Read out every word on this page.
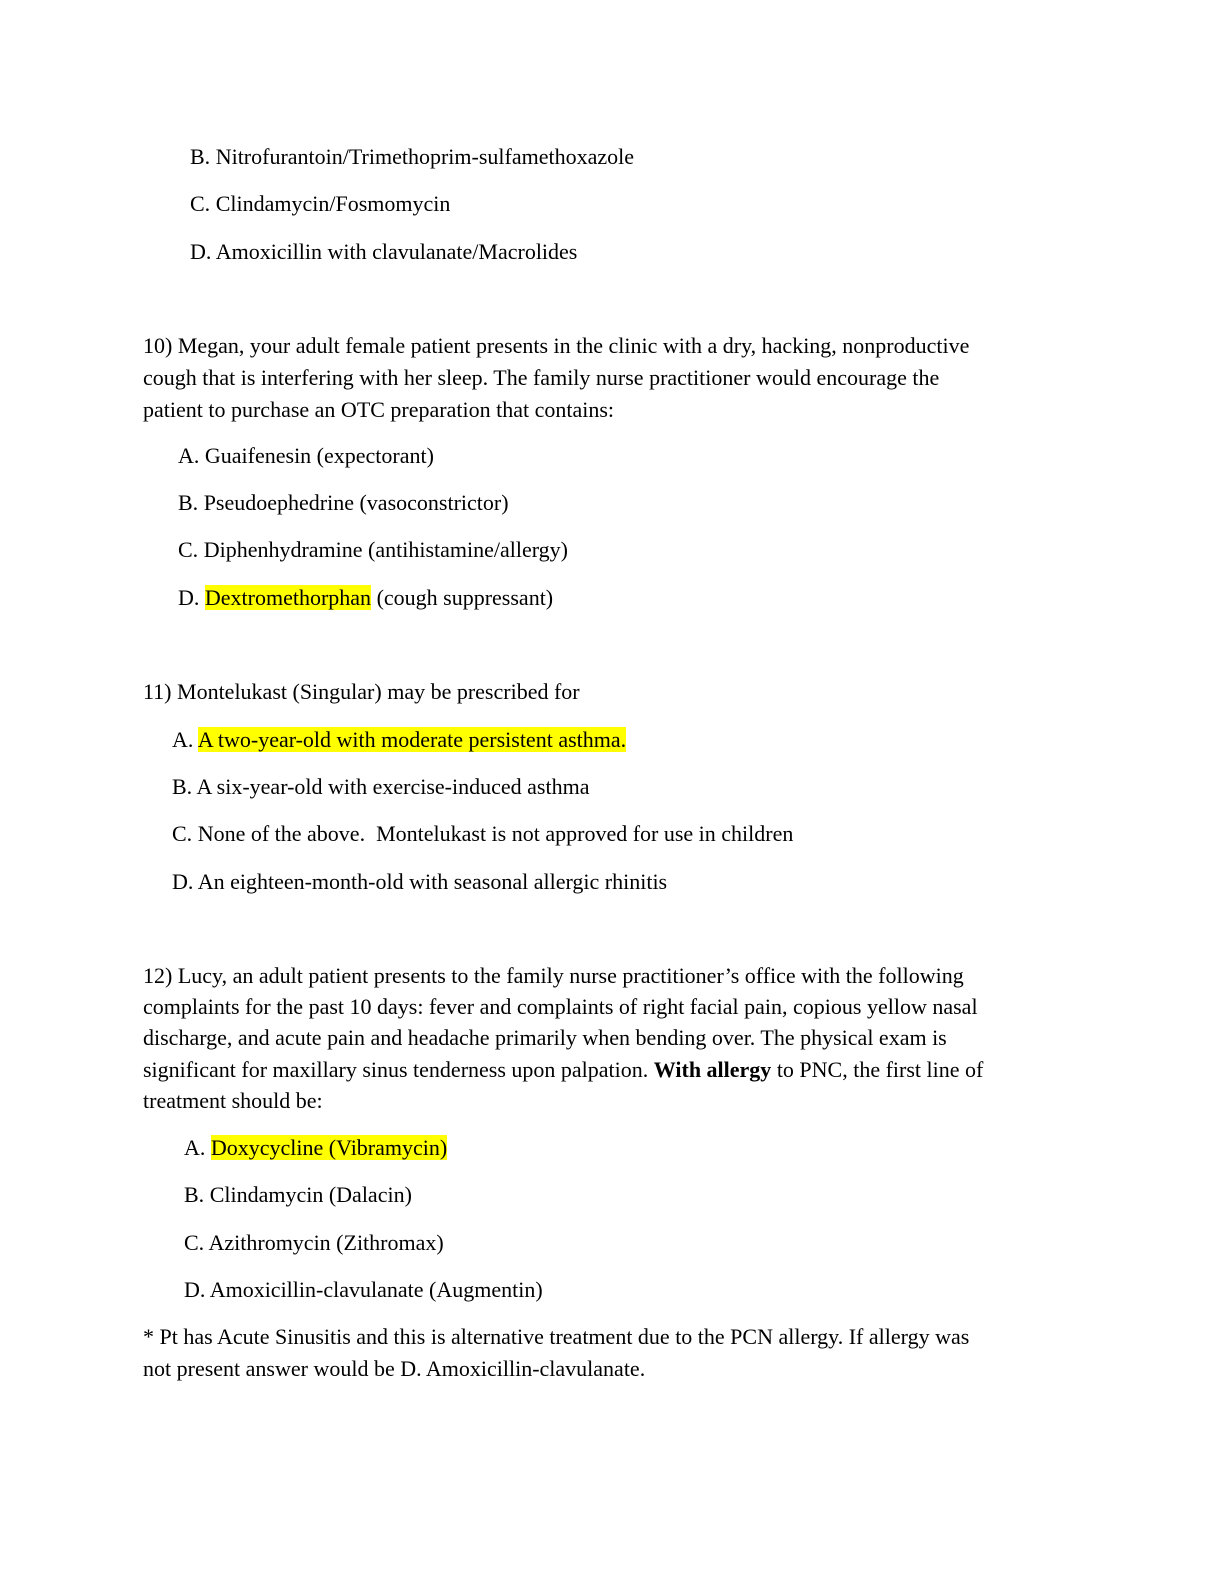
B. Nitrofurantoin/Trimethoprim-sulfamethoxazole
C. Clindamycin/Fosmomycin
D. Amoxicillin with clavulanate/Macrolides
10) Megan, your adult female patient presents in the clinic with a dry, hacking, nonproductive
cough that is interfering with her sleep. The family nurse practitioner would encourage the
patient to purchase an OTC preparation that contains:
A. Guaifenesin (expectorant)
B. Pseudoephedrine (vasoconstrictor)
C. Diphenhydramine (antihistamine/allergy)
D. Dextromethorphan (cough suppressant)
11) Montelukast (Singular) may be prescribed for
A. A two-year-old with moderate persistent asthma.
B. A six-year-old with exercise-induced asthma
C. None of the above.  Montelukast is not approved for use in children
D. An eighteen-month-old with seasonal allergic rhinitis
12) Lucy, an adult patient presents to the family nurse practitioner’s office with the following
complaints for the past 10 days: fever and complaints of right facial pain, copious yellow nasal
discharge, and acute pain and headache primarily when bending over. The physical exam is
significant for maxillary sinus tenderness upon palpation. With allergy to PNC, the first line of
treatment should be:
A. Doxycycline (Vibramycin)
B. Clindamycin (Dalacin)
C. Azithromycin (Zithromax)
D. Amoxicillin-clavulanate (Augmentin)
* Pt has Acute Sinusitis and this is alternative treatment due to the PCN allergy. If allergy was
not present answer would be D. Amoxicillin-clavulanate.
